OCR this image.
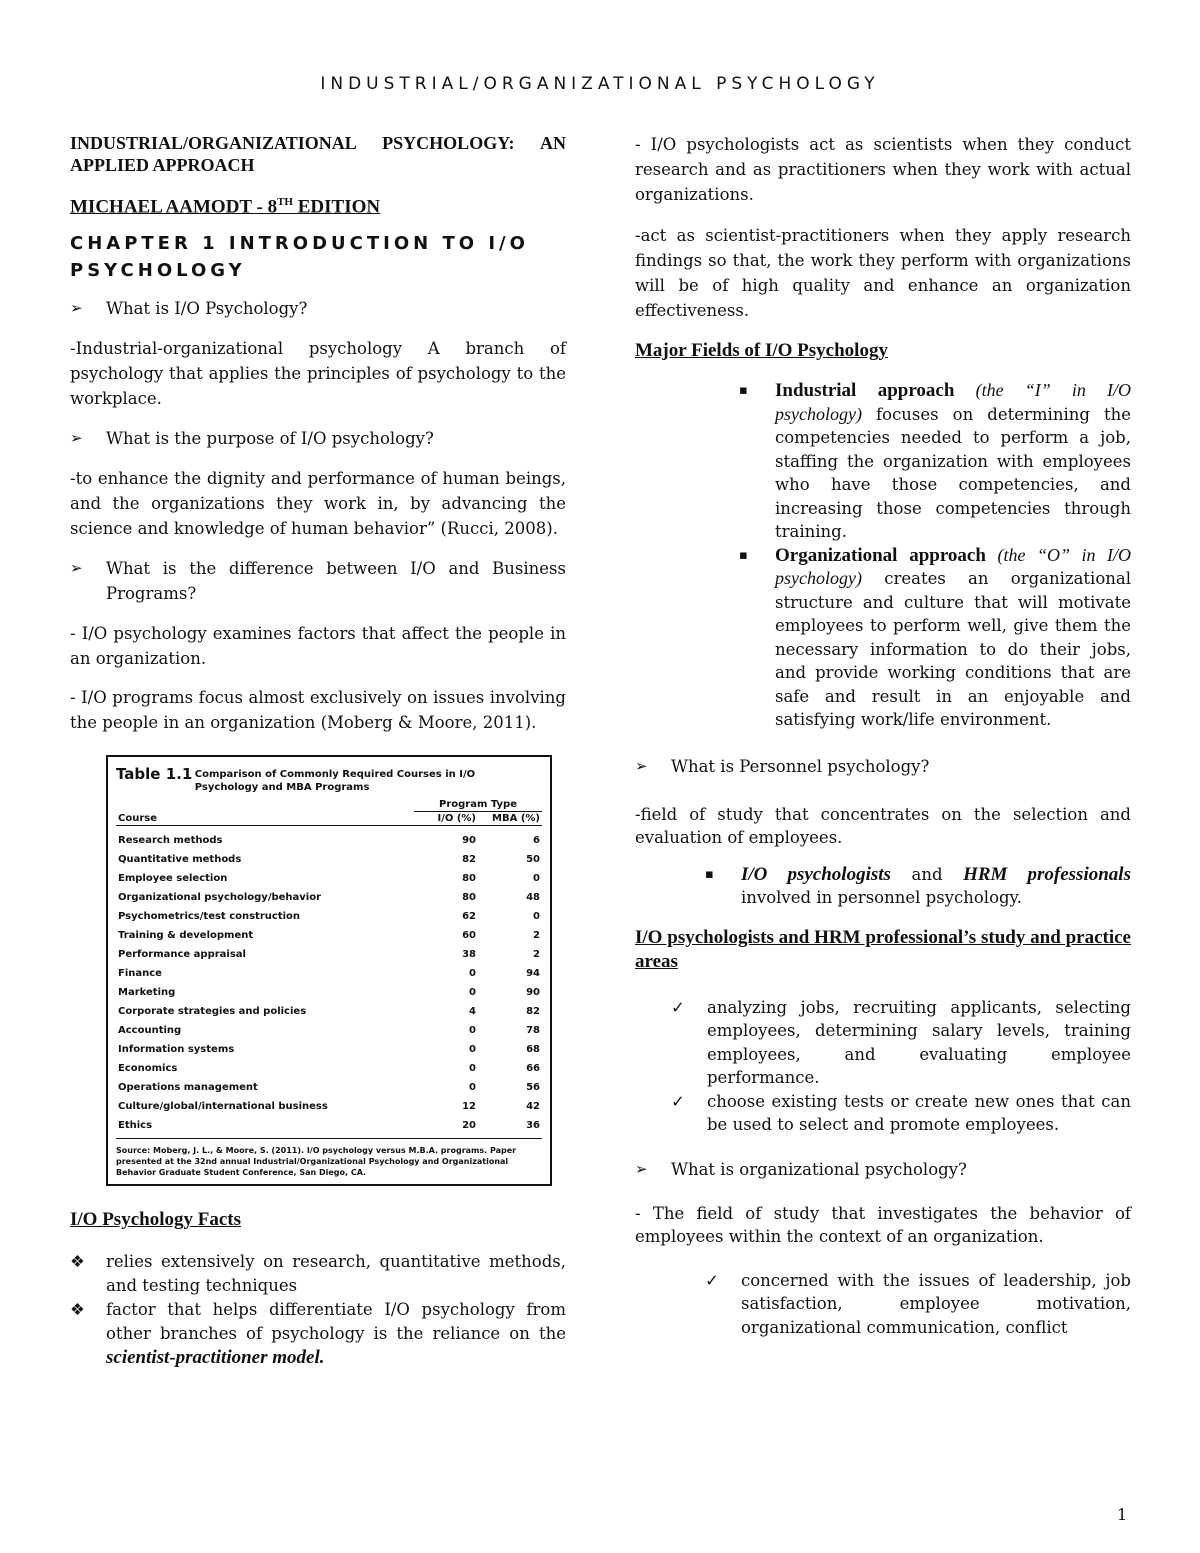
INDUSTRIAL/ORGANIZATIONAL PSYCHOLOGY

INDUSTRIAL/ORGANIZATIONAL PSYCHOLOGY: AN APPLIED APPROACH

MICHAEL AAMODT - 8TH EDITION

CHAPTER 1 INTRODUCTION TO I/O PSYCHOLOGY

➢	What is I/O Psychology?

-Industrial-organizational psychology A branch of psychology that applies the principles of psychology to the workplace.

➢	What is the purpose of I/O psychology?

-to enhance the dignity and performance of human beings, and the organizations they work in, by advancing the science and knowledge of human behavior” (Rucci, 2008).

➢	What is the difference between I/O and Business Programs?

- I/O psychology examines factors that affect the people in an organization.

- I/O programs focus almost exclusively on issues involving the people in an organization (Moberg & Moore, 2011).

Table 1.1 Comparison of Commonly Required Courses in I/O Psychology and MBA Programs
	Program Type	
Course	I/O (%)	MBA (%)
Research methods	90	6
Quantitative methods	82	50
Employee selection	80	0
Organizational psychology/behavior	80	48
Psychometrics/test construction	62	0
Training & development	60	2
Performance appraisal	38	2
Finance	0	94
Marketing	0	90
Corporate strategies and policies	4	82
Accounting	0	78
Information systems	0	68
Economics	0	66
Operations management	0	56
Culture/global/international business	12	42
Ethics	20	36
Source: Moberg, J. L., & Moore, S. (2011). I/O psychology versus M.B.A. programs. Paper presented at the 32nd annual Industrial/Organizational Psychology and Organizational Behavior Graduate Student Conference, San Diego, CA.

I/O Psychology Facts

❖	relies extensively on research, quantitative methods, and testing techniques
❖	factor that helps differentiate I/O psychology from other branches of psychology is the reliance on the scientist-practitioner model.

- I/O psychologists act as scientists when they conduct research and as practitioners when they work with actual organizations.

-act as scientist-practitioners when they apply research findings so that, the work they perform with organizations will be of high quality and enhance an organization effectiveness.

Major Fields of I/O Psychology

▪	Industrial approach (the “I” in I/O psychology) focuses on determining the competencies needed to perform a job, staffing the organization with employees who have those competencies, and increasing those competencies through training.
▪	Organizational approach (the “O” in I/O psychology) creates an organizational structure and culture that will motivate employees to perform well, give them the necessary information to do their jobs, and provide working conditions that are safe and result in an enjoyable and satisfying work/life environment.
➢	What is Personnel psychology?

-field of study that concentrates on the selection and evaluation of employees.

▪	I/O psychologists and HRM professionals involved in personnel psychology.

I/O psychologists and HRM professional’s study and practice areas

✓	analyzing jobs, recruiting applicants, selecting employees, determining salary levels, training employees, and evaluating employee performance.
✓	choose existing tests or create new ones that can be used to select and promote employees.
➢	What is organizational psychology?

- The field of study that investigates the behavior of employees within the context of an organization.

✓	concerned with the issues of leadership, job satisfaction, employee motivation, organizational communication, conflict
1
